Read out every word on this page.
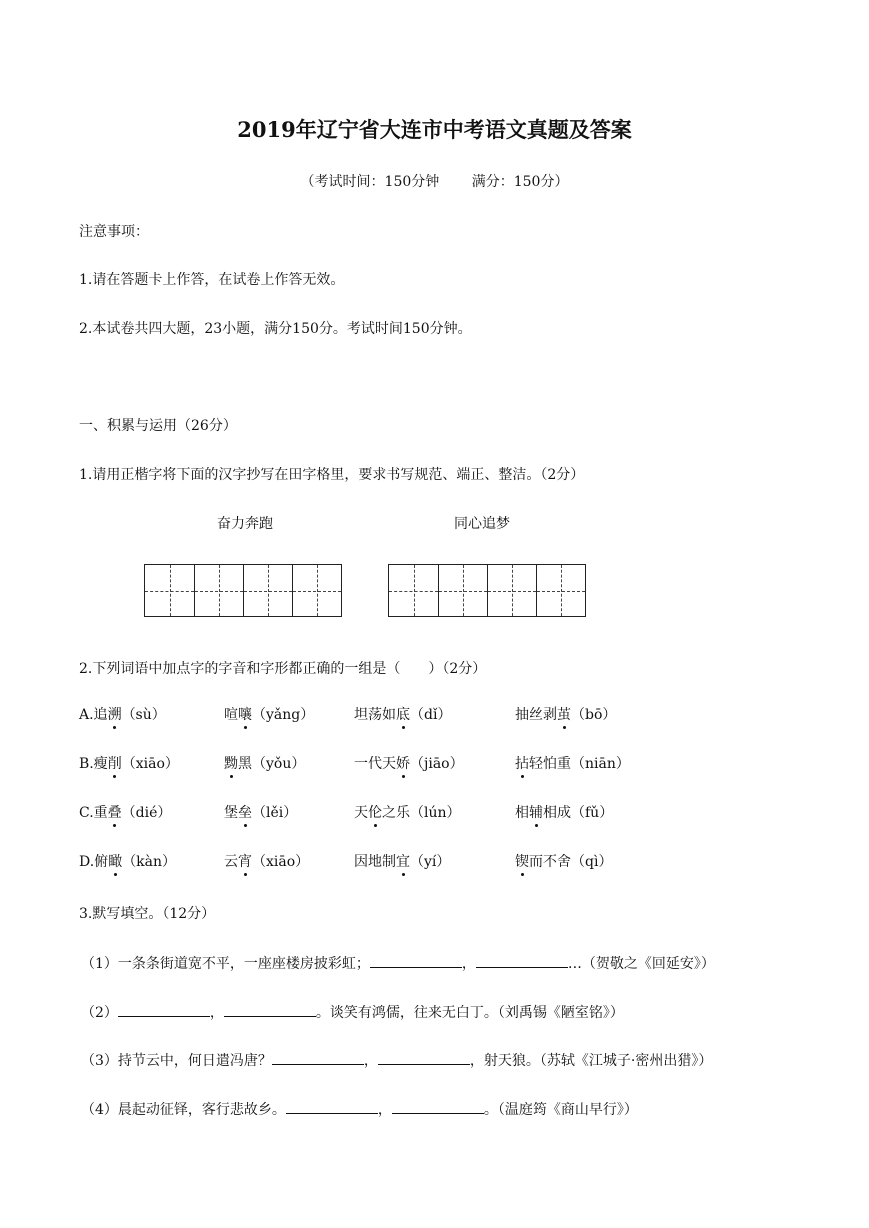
2019年辽宁省大连市中考语文真题及答案
（考试时间：150分钟 满分：150分）
注意事项：
1.请在答题卡上作答，在试卷上作答无效。
2.本试卷共四大题，23小题，满分150分。考试时间150分钟。
一、积累与运用（26分）
1.请用正楷字将下面的汉字抄写在田字格里，要求书写规范、端正、整洁。（2分）
奋力奔跑	同心追梦
2.下列词语中加点字的字音和字形都正确的一组是（　　）（2分）
A.追溯（sù）	喧嚷（yǎng）	坦荡如底（dǐ）	抽丝剥茧（bō）
B.瘦削（xiāo）	黝黑（yǒu）	一代天娇（jiāo）	拈轻怕重（niān）
C.重叠（dié）	堡垒（lěi）	天伦之乐（lún）	相辅相成（fǔ）
D.俯瞰（kàn）	云宵（xiāo）	因地制宜（yí）	锲而不舍（qì）
3.默写填空。（12分）
（1）一条条街道宽不平，一座座楼房披彩虹；	，	…（贺敬之《回延安》）
（2）	，	。谈笑有鸿儒，往来无白丁。（刘禹锡《陋室铭》）
（3）持节云中，何日遣冯唐？	，	，射天狼。（苏轼《江城子·密州出猎》）
（4）晨起动征铎，客行悲故乡。	，	。（温庭筠《商山早行》）
